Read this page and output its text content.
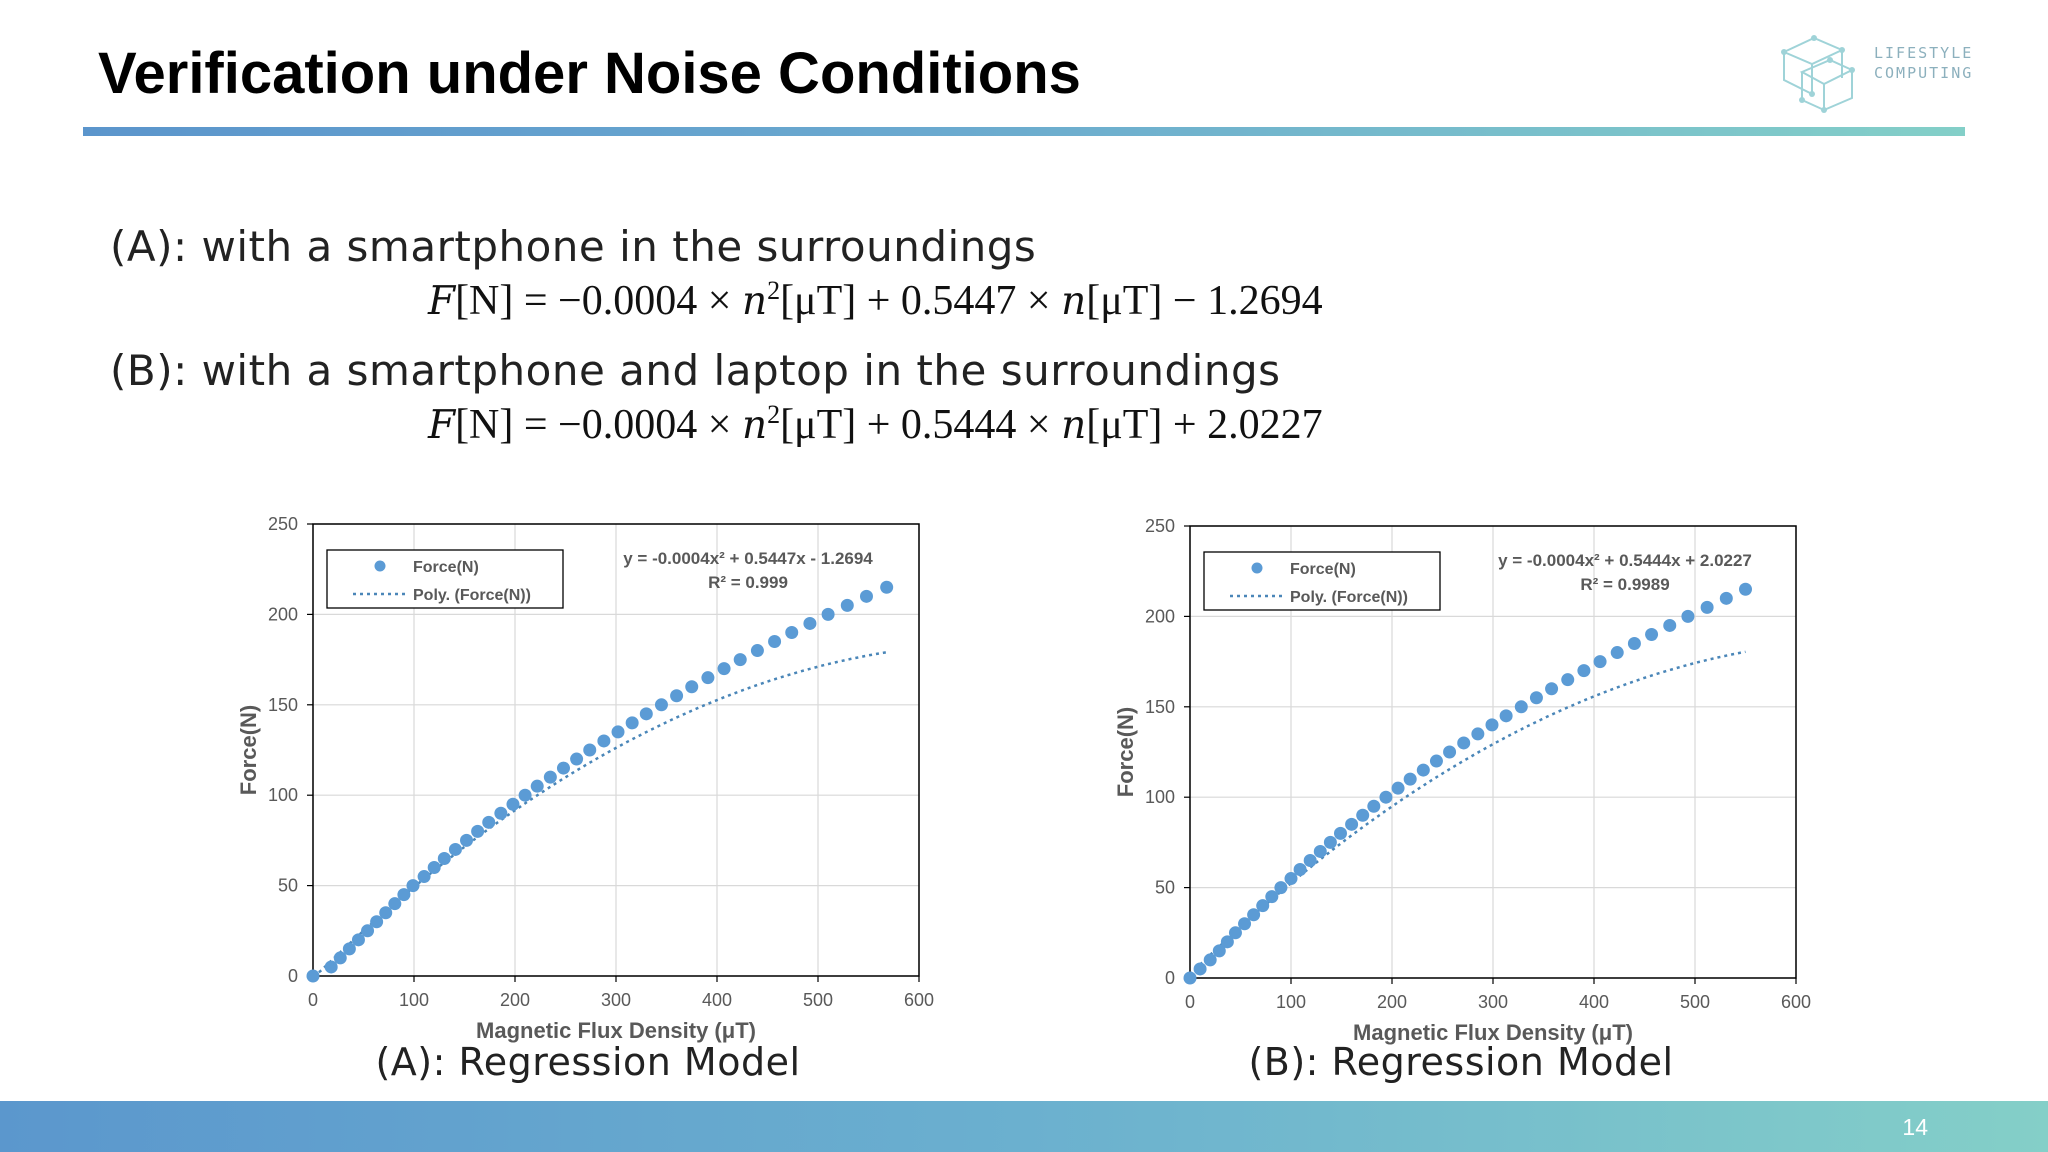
Verification under Noise Conditions	LIFESTYLE
COMPUTING
(A): with a smartphone in the surroundings
$F[N] = -0.0004 \times n^2[\mu T] + 0.5447 \times n[\mu T] - 1.2694$
(B): with a smartphone and laptop in the surroundings
$F[N] = -0.0004 \times n^2[\mu T] + 0.5444 \times n[\mu T] + 2.0227$
0	100	200	300	400	500	600
0
50
100
150
200
250
Magnetic Flux Density (μT)
Force(N)
Force(N)
Poly. (Force(N))
y = -0.0004x² + 0.5447x - 1.2694
R² = 0.999
0	100	200	300	400	500	600
0
50
100
150
200
250
Magnetic Flux Density (μT)
Force(N)
Force(N)
Poly. (Force(N))
y = -0.0004x² + 0.5444x + 2.0227
R² = 0.9989
(A): Regression Model	(B): Regression Model
14
